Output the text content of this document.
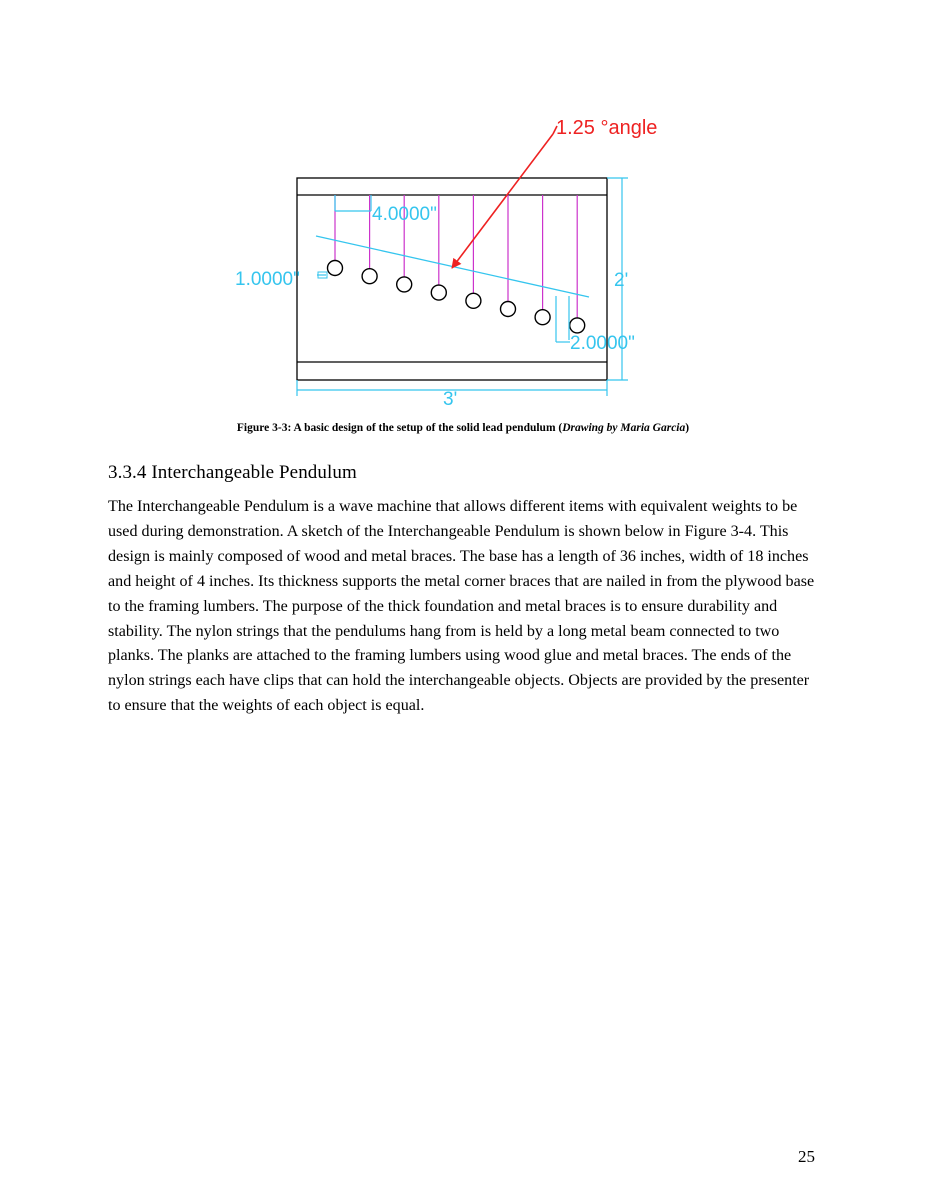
4.0000"
1.0000"
2.0000"
2'
3'
1.25 °angle
Figure 3-3: A basic design of the setup of the solid lead pendulum (Drawing by Maria Garcia)
3.3.4 Interchangeable Pendulum

The Interchangeable Pendulum is a wave machine that allows different items with equivalent weights to be used during demonstration. A sketch of the Interchangeable Pendulum is shown below in Figure 3-4. This design is mainly composed of wood and metal braces. The base has a length of 36 inches, width of 18 inches and height of 4 inches. Its thickness supports the metal corner braces that are nailed in from the plywood base to the framing lumbers. The purpose of the thick foundation and metal braces is to ensure durability and stability. The nylon strings that the pendulums hang from is held by a long metal beam connected to two planks. The planks are attached to the framing lumbers using wood glue and metal braces. The ends of the nylon strings each have clips that can hold the interchangeable objects. Objects are provided by the presenter to ensure that the weights of each object is equal.

25
